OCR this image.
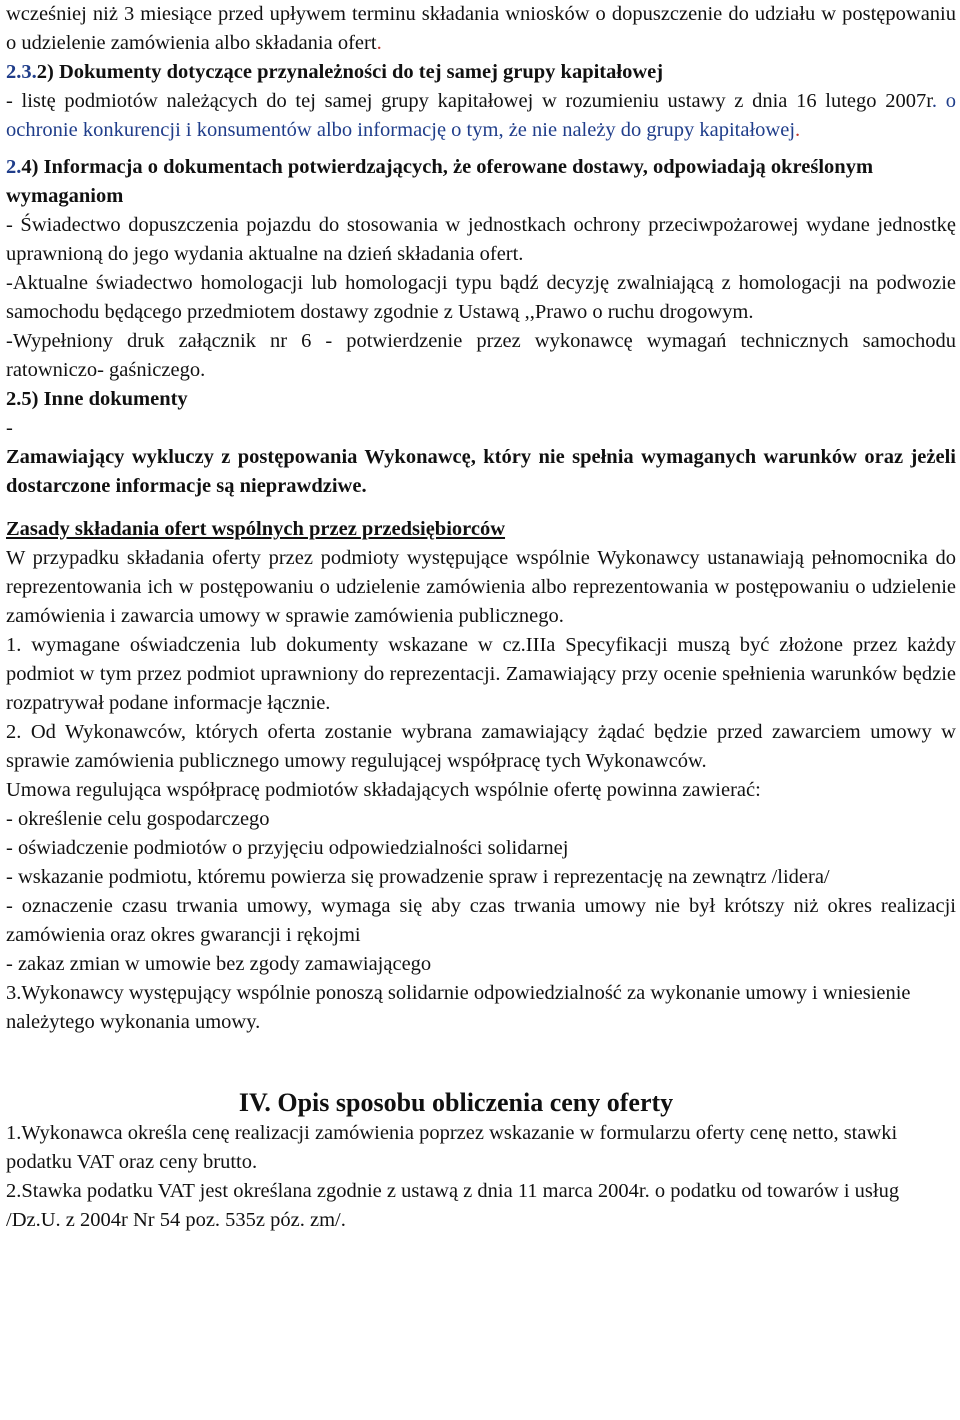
wcześniej niż 3 miesiące przed upływem terminu składania wniosków o dopuszczenie do udziału w postępowaniu o udzielenie zamówienia albo składania ofert.

2.3.2) Dokumenty dotyczące przynależności do tej samej grupy kapitałowej

- listę podmiotów należących do tej samej grupy kapitałowej w rozumieniu ustawy z dnia 16 lutego 2007r. o ochronie konkurencji i konsumentów albo informację o tym, że nie należy do grupy kapitałowej.

2.4) Informacja o dokumentach potwierdzających, że oferowane dostawy, odpowiadają określonym wymaganiom

- Świadectwo dopuszczenia pojazdu do stosowania w jednostkach ochrony przeciwpożarowej wydane jednostkę uprawnioną do jego wydania aktualne na dzień składania ofert.

-Aktualne świadectwo homologacji lub homologacji typu bądź decyzję zwalniającą z homologacji na podwozie samochodu będącego przedmiotem dostawy zgodnie z Ustawą ,,Prawo o ruchu drogowym.

-Wypełniony druk załącznik nr 6 - potwierdzenie przez wykonawcę wymagań technicznych samochodu ratowniczo- gaśniczego.

2.5) Inne dokumenty

-

Zamawiający wykluczy z postępowania Wykonawcę, który nie spełnia wymaganych warunków oraz jeżeli dostarczone informacje są nieprawdziwe.

Zasady składania ofert wspólnych przez przedsiębiorców

W przypadku składania oferty przez podmioty występujące wspólnie Wykonawcy ustanawiają pełnomocnika do reprezentowania ich w postępowaniu o udzielenie zamówienia albo reprezentowania w postępowaniu o udzielenie zamówienia i zawarcia umowy w sprawie zamówienia publicznego.

1. wymagane oświadczenia lub dokumenty wskazane w cz.IIIa Specyfikacji muszą być złożone przez każdy podmiot w tym przez podmiot uprawniony do reprezentacji. Zamawiający przy ocenie spełnienia warunków będzie rozpatrywał podane informacje łącznie.

2. Od Wykonawców, których oferta zostanie wybrana zamawiający żądać będzie przed zawarciem umowy w sprawie zamówienia publicznego umowy regulującej współpracę tych Wykonawców.

Umowa regulująca współpracę podmiotów składających wspólnie ofertę powinna zawierać:

- określenie celu gospodarczego

- oświadczenie podmiotów o przyjęciu odpowiedzialności solidarnej

- wskazanie podmiotu, któremu powierza się prowadzenie spraw i reprezentację na zewnątrz /lidera/

- oznaczenie czasu trwania umowy, wymaga się aby czas trwania umowy nie był krótszy niż okres realizacji zamówienia oraz okres gwarancji i rękojmi

- zakaz zmian w umowie bez zgody zamawiającego

3.Wykonawcy występujący wspólnie ponoszą solidarnie odpowiedzialność za wykonanie umowy i wniesienie należytego wykonania umowy.

IV. Opis sposobu obliczenia ceny oferty

1.Wykonawca określa cenę realizacji zamówienia poprzez wskazanie w formularzu oferty cenę netto, stawki podatku VAT oraz ceny brutto.

2.Stawka podatku VAT jest określana zgodnie z ustawą z dnia 11 marca 2004r. o podatku od towarów i usług /Dz.U. z 2004r Nr 54 poz. 535z póz. zm/.
